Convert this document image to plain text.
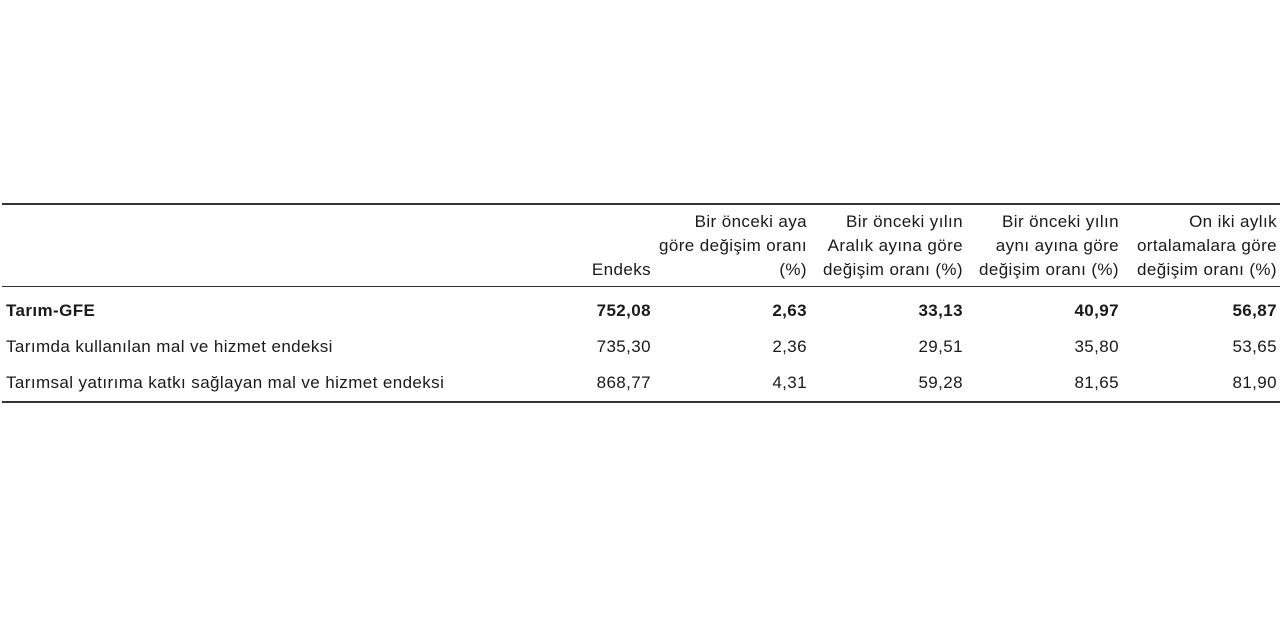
	Endeks	Bir önceki aya göre değişim oranı (%)	Bir önceki yılın Aralık ayına göre değişim oranı (%)	Bir önceki yılın aynı ayına göre değişim oranı (%)	On iki aylık ortalamalara göre değişim oranı (%)
Tarım-GFE	752,08	2,63	33,13	40,97	56,87
Tarımda kullanılan mal ve hizmet endeksi	735,30	2,36	29,51	35,80	53,65
Tarımsal yatırıma katkı sağlayan mal ve hizmet endeksi	868,77	4,31	59,28	81,65	81,90
